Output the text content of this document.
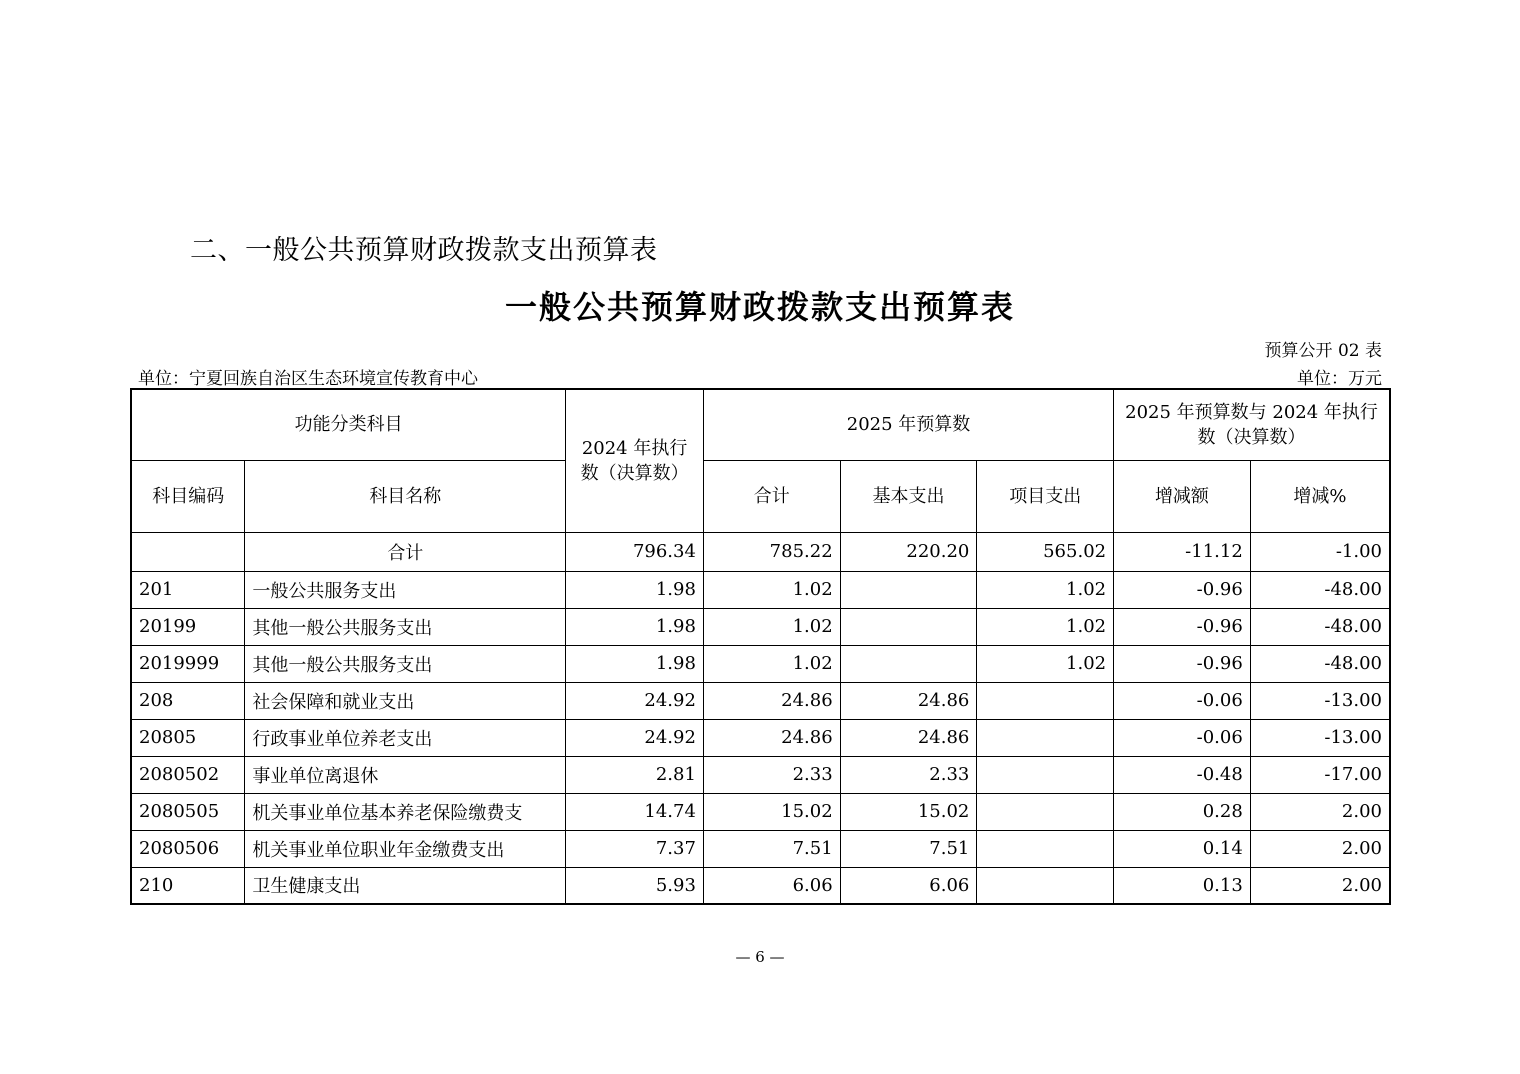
二、一般公共预算财政拨款支出预算表
一般公共预算财政拨款支出预算表
预算公开 02 表
单位：宁夏回族自治区生态环境宣传教育中心	单位：万元
功能分类科目		2024 年执行数（决算数）	2025 年预算数			2025 年预算数与 2024 年执行数（决算数）	
科目编码	科目名称		合计	基本支出	项目支出	增减额	增减%
	合计	796.34	785.22	220.20	565.02	-11.12	-1.00
201	一般公共服务支出	1.98	1.02		1.02	-0.96	-48.00
20199	其他一般公共服务支出	1.98	1.02		1.02	-0.96	-48.00
2019999	其他一般公共服务支出	1.98	1.02		1.02	-0.96	-48.00
208	社会保障和就业支出	24.92	24.86	24.86		-0.06	-13.00
20805	行政事业单位养老支出	24.92	24.86	24.86		-0.06	-13.00
2080502	事业单位离退休	2.81	2.33	2.33		-0.48	-17.00
2080505	机关事业单位基本养老保险缴费支	14.74	15.02	15.02		0.28	2.00
2080506	机关事业单位职业年金缴费支出	7.37	7.51	7.51		0.14	2.00
210	卫生健康支出	5.93	6.06	6.06		0.13	2.00
— 6 —
